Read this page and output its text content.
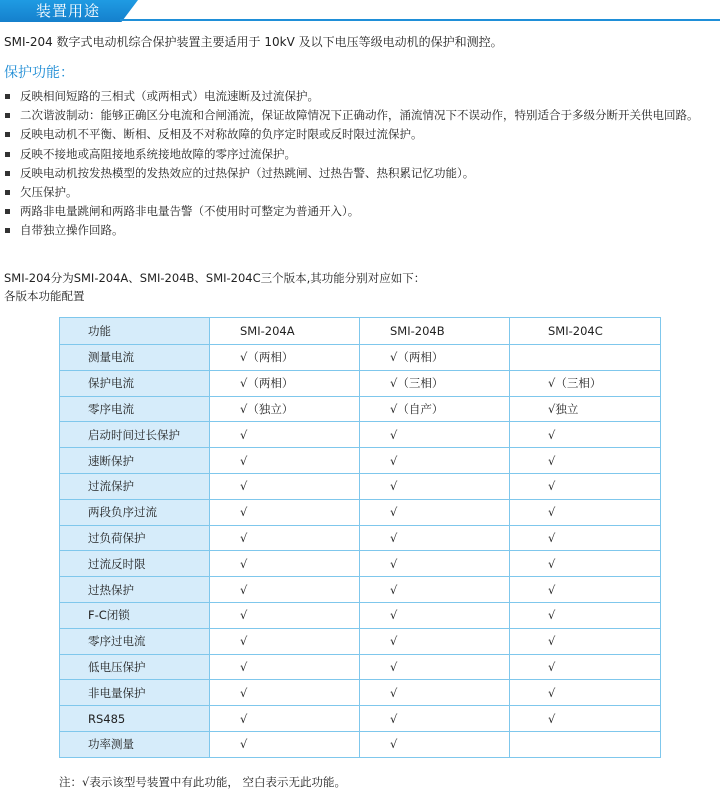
装置用途
SMI-204 数字式电动机综合保护装置主要适用于 10kV 及以下电压等级电动机的保护和测控。
保护功能：
反映相间短路的三相式（或两相式）电流速断及过流保护。
二次谐波制动：能够正确区分电流和合闸涌流，保证故障情况下正确动作，涌流情况下不误动作，特别适合于多级分断开关供电回路。
反映电动机不平衡、断相、反相及不对称故障的负序定时限或反时限过流保护。
反映不接地或高阻接地系统接地故障的零序过流保护。
反映电动机按发热模型的发热效应的过热保护（过热跳闸、过热告警、热积累记忆功能）。
欠压保护。
两路非电量跳闸和两路非电量告警（不使用时可整定为普通开入）。
自带独立操作回路。
SMI-204分为SMI-204A、SMI-204B、SMI-204C三个版本,其功能分别对应如下：
各版本功能配置
功能	SMI-204A	SMI-204B	SMI-204C
测量电流	√（两相）	√（两相）	
保护电流	√（两相）	√（三相）	√（三相）
零序电流	√（独立）	√（自产）	√独立
启动时间过长保护	√	√	√
速断保护	√	√	√
过流保护	√	√	√
两段负序过流	√	√	√
过负荷保护	√	√	√
过流反时限	√	√	√
过热保护	√	√	√
F-C闭锁	√	√	√
零序过电流	√	√	√
低电压保护	√	√	√
非电量保护	√	√	√
RS485	√	√	√
功率测量	√	√	
注：√表示该型号装置中有此功能， 空白表示无此功能。
